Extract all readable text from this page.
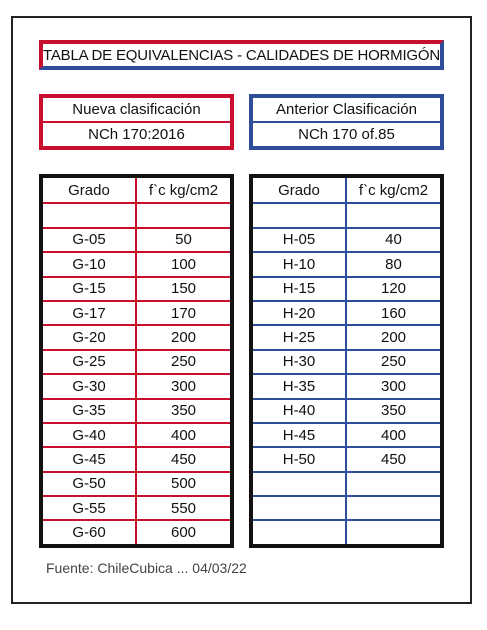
TABLA DE EQUIVALENCIAS - CALIDADES DE HORMIGÓN
Nueva clasificación
NCh 170:2016
Anterior Clasificación
NCh 170 of.85
Grado	f`c kg/cm2
G-05	50
G-10	100
G-15	150
G-17	170
G-20	200
G-25	250
G-30	300
G-35	350
G-40	400
G-45	450
G-50	500
G-55	550
G-60	600
Grado	f`c kg/cm2
H-05	40
H-10	80
H-15	120
H-20	160
H-25	200
H-30	250
H-35	300
H-40	350
H-45	400
H-50	450
Fuente: ChileCubica ... 04/03/22
